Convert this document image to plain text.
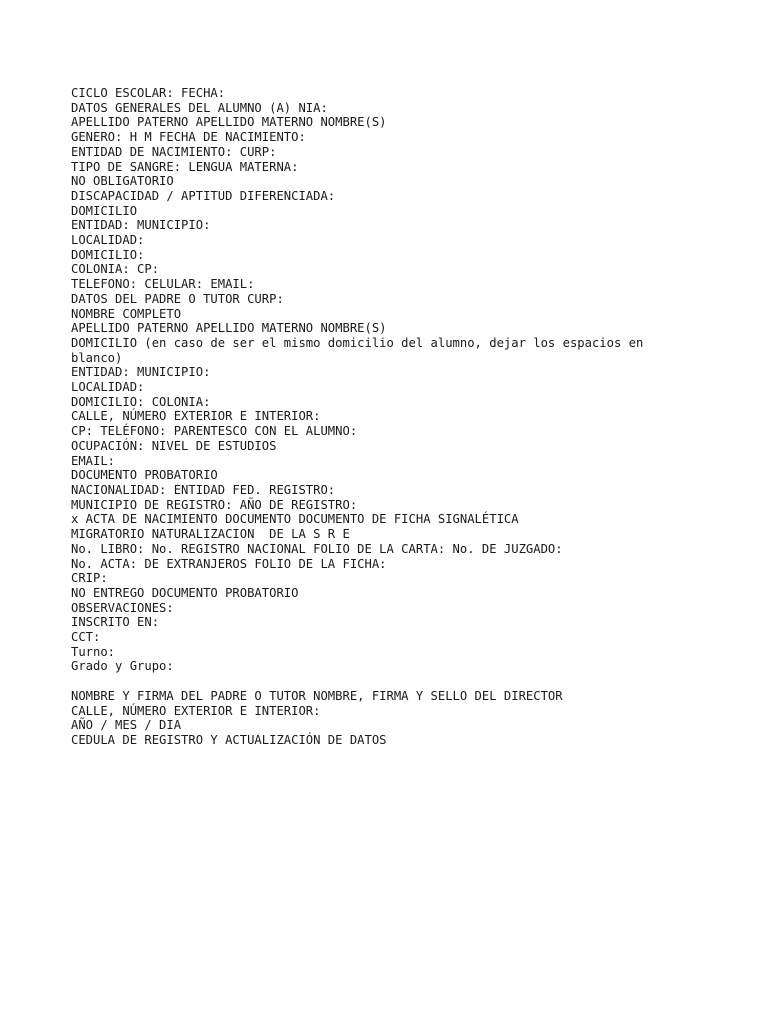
CICLO ESCOLAR: FECHA:
DATOS GENERALES DEL ALUMNO (A) NIA:
APELLIDO PATERNO APELLIDO MATERNO NOMBRE(S)
GENERO: H M FECHA DE NACIMIENTO:
ENTIDAD DE NACIMIENTO: CURP:
TIPO DE SANGRE: LENGUA MATERNA:
NO OBLIGATORIO
DISCAPACIDAD / APTITUD DIFERENCIADA:
DOMICILIO
ENTIDAD: MUNICIPIO:
LOCALIDAD:
DOMICILIO:
COLONIA: CP:
TELEFONO: CELULAR: EMAIL:
DATOS DEL PADRE O TUTOR CURP:
NOMBRE COMPLETO
APELLIDO PATERNO APELLIDO MATERNO NOMBRE(S)
DOMICILIO (en caso de ser el mismo domicilio del alumno, dejar los espacios en blanco)
ENTIDAD: MUNICIPIO:
LOCALIDAD:
DOMICILIO: COLONIA:
CALLE, NÚMERO EXTERIOR E INTERIOR:
CP: TELÉFONO: PARENTESCO CON EL ALUMNO:
OCUPACIÓN: NIVEL DE ESTUDIOS
EMAIL:
DOCUMENTO PROBATORIO
NACIONALIDAD: ENTIDAD FED. REGISTRO:
MUNICIPIO DE REGISTRO: AÑO DE REGISTRO:
x ACTA DE NACIMIENTO DOCUMENTO DOCUMENTO DE FICHA SIGNALÉTICA
MIGRATORIO NATURALIZACION  DE LA S R E
No. LIBRO: No. REGISTRO NACIONAL FOLIO DE LA CARTA: No. DE JUZGADO:
No. ACTA: DE EXTRANJEROS FOLIO DE LA FICHA:
CRIP:
NO ENTREGO DOCUMENTO PROBATORIO
OBSERVACIONES:
INSCRITO EN:
CCT:
Turno:
Grado y Grupo:
NOMBRE Y FIRMA DEL PADRE O TUTOR NOMBRE, FIRMA Y SELLO DEL DIRECTOR
CALLE, NÚMERO EXTERIOR E INTERIOR:
AÑO / MES / DIA
CEDULA DE REGISTRO Y ACTUALIZACIÓN DE DATOS
